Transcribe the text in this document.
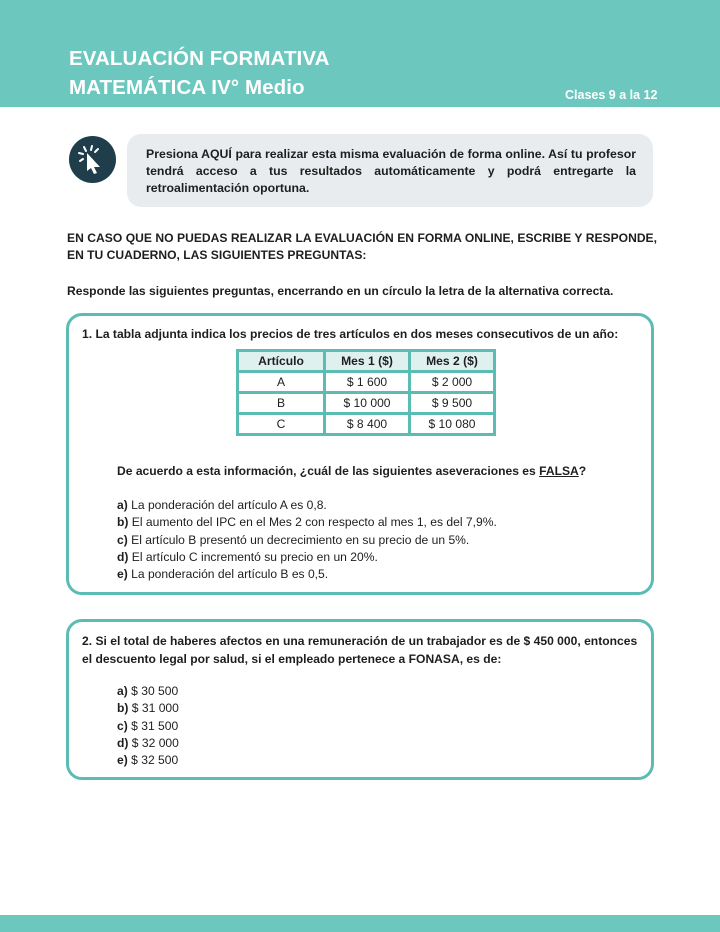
EVALUACIÓN FORMATIVA
MATEMÁTICA IV° Medio	Clases 9 a la 12
Presiona AQUÍ para realizar esta misma evaluación de forma online. Así tu profesor tendrá acceso a tus resultados automáticamente y podrá entregarte la retroalimentación oportuna.
EN CASO QUE NO PUEDAS REALIZAR LA EVALUACIÓN EN FORMA ONLINE, ESCRIBE Y RESPONDE, EN TU CUADERNO, LAS SIGUIENTES PREGUNTAS:
Responde las siguientes preguntas, encerrando en un círculo la letra de la alternativa correcta.
1. La tabla adjunta indica los precios de tres artículos en dos meses consecutivos de un año:
Artículo	Mes 1 ($)	Mes 2 ($)
A	$ 1 600	$ 2 000
B	$ 10 000	$ 9 500
C	$ 8 400	$ 10 080
De acuerdo a esta información, ¿cuál de las siguientes aseveraciones es FALSA?
a) La ponderación del artículo A es 0,8.
b) El aumento del IPC en el Mes 2 con respecto al mes 1, es del 7,9%.
c) El artículo B presentó un decrecimiento en su precio de un 5%.
d) El artículo C incrementó su precio en un 20%.
e) La ponderación del artículo B es 0,5.
2. Si el total de haberes afectos en una remuneración de un trabajador es de $ 450 000, entonces el descuento legal por salud, si el empleado pertenece a FONASA, es de:
a) $ 30 500
b) $ 31 000
c) $ 31 500
d) $ 32 000
e) $ 32 500
